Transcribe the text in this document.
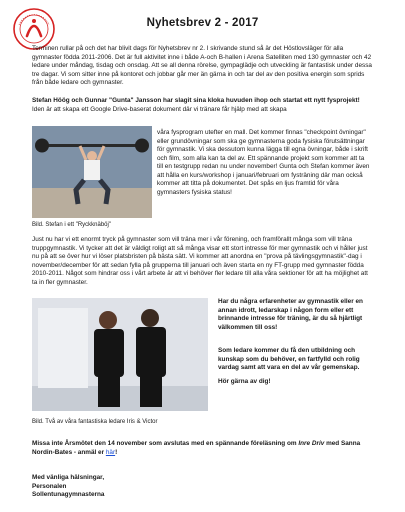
Nyhetsbrev 2 - 2017

Terminen rullar på och det har blivit dags för Nyhetsbrev nr 2. I skrivande stund så är det Höstlovsläger för alla gymnaster födda 2011-2006. Det är full aktivitet inne i både A-och B-hallen i Arena Satelliten med 130 gymnaster och 42 ledare under måndag, tisdag och onsdag. Att se all denna rörelse, gympaglädje och utveckling är fantastisk under dessa tre dagar. Vi som sitter inne på kontoret och jobbar går mer än gärna in och tar del av den positiva energin som sprids från både ledare och gymnaster.

Stefan Höög och Gunnar "Gunta" Jansson har slagit sina kloka huvuden ihop och startat ett nytt fysprojekt! Iden är att skapa ett Google Drive-baserat dokument där vi tränare får hjälp med att skapa

våra fysprogram utefter en mall. Det kommer finnas "checkpoint övningar" eller grundövningar som ska ge gymnasterna goda fysiska förutsättningar för gymnastik. Vi ska dessutom kunna lägga till egna övningar, både i skrift och film, som alla kan ta del av. Ett spännande projekt som kommer att ta till en testgrupp redan nu under november! Gunta och Stefan kommer även att hålla en kurs/workshop i januari/februari om fysträning där man också kommer att titta på dokumentet. Det spås en ljus framtid för våra gymnasters fysiska status!

Bild. Stefan i ett "Ryckknäböj"

Just nu har vi ett enormt tryck på gymnaster som vill träna mer i vår förening, och framförallt många som vill träna truppgymnastik. Vi tycker att det är väldigt roligt att så många visar ett stort intresse för mer gymnastik och vi håller just nu på att se över hur vi löser platsbristen på bästa sätt. Vi kommer att anordna en "prova på tävlingsgymnastik"-dag i november/december för att sedan fylla på grupperna till januari och även starta en ny FT-grupp med gymnaster födda 2010-2011. Något som hindrar oss i vårt arbete är att vi behöver fler ledare till alla våra sektioner för att ha möjlighet att ta in fler gymnaster.

Har du några erfarenheter av gymnastik eller en annan idrott, ledarskap i någon form eller ett brinnande intresse för träning, är du så hjärtligt välkommen till oss!

Som ledare kommer du få den utbildning och kunskap som du behöver, en fartfylld och rolig vardag samt att vara en del av vår gemenskap.

Hör gärna av dig!

Bild. Två av våra fantastiska ledare Iris & Victor

Missa inte Årsmötet den 14 november som avslutas med en spännande föreläsning om Inre Driv med Sanna Nordin-Bates - anmäl er här!

Med vänliga hälsningar,
Personalen
Sollentunagymnasterna
